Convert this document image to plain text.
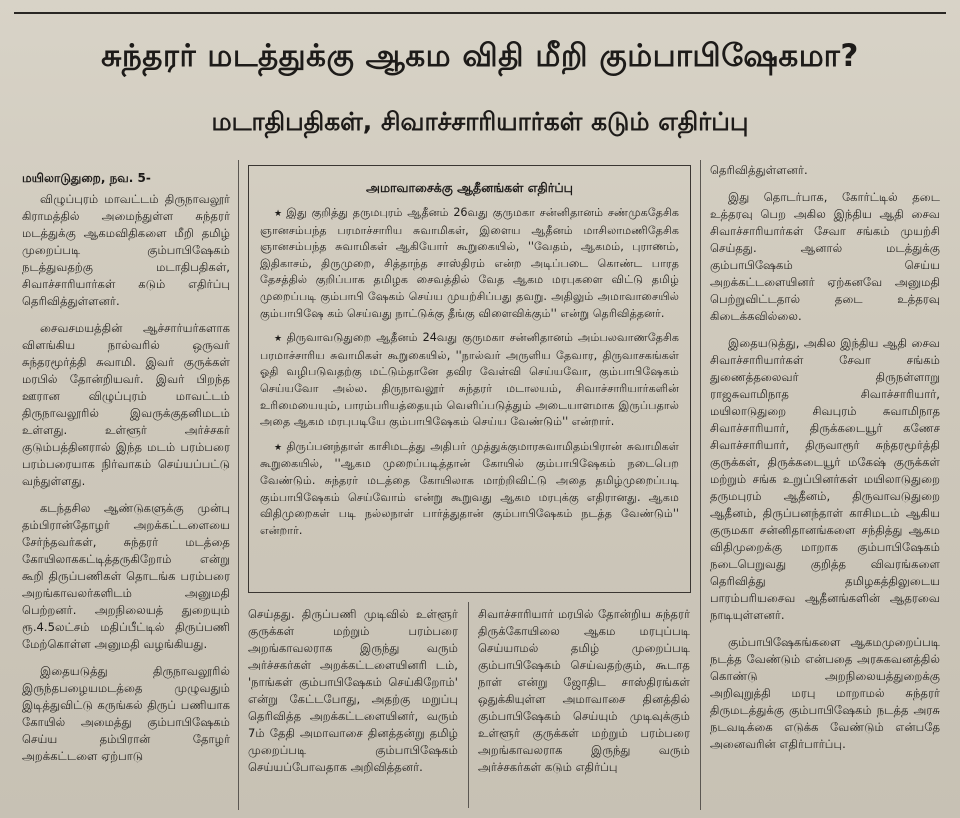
சுந்தரர் மடத்துக்கு ஆகம விதி மீறி கும்பாபிஷேகமா?
மடாதிபதிகள், சிவாச்சாரியார்கள் கடும் எதிர்ப்பு

மயிலாடுதுறை, நவ. 5-

விழுப்புரம் மாவட்டம் திருநாவலூர் கிராமத்தில் அமைந்துள்ள சுந்தரர் மடத்துக்கு ஆகமவிதிகளை மீறி தமிழ் முறைப்படி கும்பாபிஷேகம் நடத்துவதற்கு மடாதிபதிகள், சிவாச்சாரியார்கள் கடும் எதிர்ப்பு தெரிவித்துள்ளனர்.

சைவசமயத்தின் ஆச்சார்யர்களாக விளங்கிய நால்வரில் ஒருவர் சுந்தரமூர்த்தி சுவாமி. இவர் குருக்கள் மரபில் தோன்றியவர். இவர் பிறந்த ஊரான விழுப்புரம் மாவட்டம் திருநாவலூரில் இவருக்குதனிமடம் உள்ளது. உள்ளூர் அர்ச்சகர் குடும்பத்தினரால் இந்த மடம் பரம்பரை பரம்பரையாக நிர்வாகம் செய்யப்பட்டு வந்துள்ளது.

கடந்தசில ஆண்டுகளுக்கு முன்பு தம்பிரான்தோழர் அறக்கட்டளையை சேர்ந்தவர்கள், சுந்தரர் மடத்தை கோயிலாககட்டித்தருகிறோம் என்று கூறி திருப்பணிகள் தொடங்க பரம்பரை அறங்காவலர்களிடம் அனுமதி பெற்றனர். அறநிலையத் துறையும் ரூ.4.5லட்சம் மதிப்பீட்டில் திருப்பணி மேற்கொள்ள அனுமதி வழங்கியது.

இதையடுத்து திருநாவலூரில் இருந்தபழையமடத்தை முழுவதும் இடித்துவிட்டு கருங்கல் திருப் பணியாக கோயில் அமைத்து கும்பாபிஷேகம் செய்ய தம்பிரான் தோழர் அறக்கட்டளை ஏற்பாடு

அமாவாசைக்கு ஆதீனங்கள் எதிர்ப்பு

★ இது குறித்து தருமபுரம் ஆதீனம் 26வது குருமகா சன்னிதானம் சண்முகதேசிக ஞானசம்பந்த பரமாச்சாரிய சுவாமிகள், இளைய ஆதீனம் மாசிலாமணிதேசிக ஞானசம்பந்த சுவாமிகள் ஆகியோர் கூறுகையில், ''வேதம், ஆகமம், புராணம், இதிகாசம், திருமுறை, சித்தாந்த சாஸ்திரம் என்ற அடிப்படை கொண்ட பாரத தேசத்தில் குறிப்பாக தமிழக சைவத்தில் வேத ஆகம மரபுகளை விட்டு தமிழ் முறைப்படி கும்பாபி ஷேகம் செய்ய முயற்சிப்பது தவறு. அதிலும் அமாவாசையில் கும்பாபிஷே கம் செய்வது நாட்டுக்கு தீங்கு விளைவிக்கும்'' என்று தெரிவித்தனர்.

★ திருவாவடுதுறை ஆதீனம் 24வது குருமகா சன்னிதானம் அம்பலவாணதேசிக பரமாச்சாரிய சுவாமிகள் கூறுகையில், ''நால்வர் அருளிய தேவார, திருவாசகங்கள் ஓதி வழிபடுவதற்கு மட்டும்தானே தவிர வேள்வி செய்யவோ, கும்பாபிஷேகம் செய்யவோ அல்ல. திருநாவலூர் சுந்தரர் மடாலயம், சிவாச்சாரியார்களின் உரிமையையும், பாரம்பரியத்தையும் வெளிப்படுத்தும் அடையாளமாக இருப்பதால் அதை ஆகம மரபுபடியே கும்பாபிஷேகம் செய்ய வேண்டும்'' என்றார்.

★ திருப்பனந்தாள் காசிமடத்து அதிபர் முத்துக்குமாரசுவாமிதம்பிரான் சுவாமிகள் கூறுகையில், ''ஆகம முறைப்படித்தான் கோயில் கும்பாபிஷேகம் நடைபெற வேண்டும். சுந்தரர் மடத்தை கோயிலாக மாற்றிவிட்டு அதை தமிழ்முறைப்படி கும்பாபிஷேகம் செய்வோம் என்று கூறுவது ஆகம மரபுக்கு எதிரானது. ஆகம விதிமுறைகள் படி நல்லநாள் பார்த்துதான் கும்பாபிஷேகம் நடத்த வேண்டும்'' என்றார்.

செய்தது. திருப்பணி முடிவில் உள்ளூர் குருக்கள் மற்றும் பரம்பரை அறங்காவலராக இருந்து வரும் அர்ச்சகர்கள் அறக்கட்டளையினரி டம், 'நாங்கள் கும்பாபிஷேகம் செய்கிறோம்' என்று கேட்டபோது, அதற்கு மறுப்பு தெரிவித்த அறக்கட்டளையினர், வரும் 7ம் தேதி அமாவாசை தினத்தன்று தமிழ் முறைப்படி கும்பாபிஷேகம் செய்யப்போவதாக அறிவித்தனர்.

சிவாச்சாரியார் மரபில் தோன்றிய சுந்தரர் திருக்கோயிலை ஆகம மரபுப்படி செய்யாமல் தமிழ் முறைப்படி கும்பாபிஷேகம் செய்வதற்கும், கூடாத நாள் என்று ஜோதிட சாஸ்திரங்கள் ஒதுக்கியுள்ள அமாவாசை தினத்தில் கும்பாபிஷேகம் செய்யும் முடிவுக்கும் உள்ளூர் குருக்கள் மற்றும் பரம்பரை அறங்காவலராக இருந்து வரும் அர்ச்சகர்கள் கடும் எதிர்ப்பு

தெரிவித்துள்ளனர்.

இது தொடர்பாக, கோர்ட்டில் தடை உத்தரவு பெற அகில இந்திய ஆதி சைவ சிவாச்சாரியார்கள் சேவா சங்கம் முயற்சி செய்தது. ஆனால் மடத்துக்கு கும்பாபிஷேகம் செய்ய அறக்கட்டளையினர் ஏற்கனவே அனுமதி பெற்றுவிட்டதால் தடை உத்தரவு கிடைக்கவில்லை.

இதையடுத்து, அகில இந்திய ஆதி சைவ சிவாச்சாரியார்கள் சேவா சங்கம் துணைத்தலைவர் திருநள்ளாறு ராஜசுவாமிநாத சிவாச்சாரியார், மயிலாடுதுறை சிவபுரம் சுவாமிநாத சிவாச்சாரியார், திருக்கடையூர் கணேச சிவாச்சாரியார், திருவாரூர் சுந்தரமூர்த்தி குருக்கள், திருக்கடையூர் மகேஷ் குருக்கள் மற்றும் சங்க உறுப்பினர்கள் மயிலாடுதுறை தருமபுரம் ஆதீனம், திருவாவடுதுறை ஆதீனம், திருப்பனந்தாள் காசிமடம் ஆகிய குருமகா சன்னிதானங்களை சந்தித்து ஆகம விதிமுறைக்கு மாறாக கும்பாபிஷேகம் நடைபெறுவது குறித்த விவரங்களை தெரிவித்து தமிழகத்திலுடைய பாரம்பரியசைவ ஆதீனங்களின் ஆதரவை நாடியுள்ளனர்.

கும்பாபிஷேகங்களை ஆகமமுறைப்படி நடத்த வேண்டும் என்பதை அரசுகவனத்தில் கொண்டு அறநிலையத்துறைக்கு அறிவுறுத்தி மரபு மாறாமல் சுந்தரர் திருமடத்துக்கு கும்பாபிஷேகம் நடத்த அரசு நடவடிக்கை எடுக்க வேண்டும் என்பதே அனைவரின் எதிர்பார்ப்பு.
